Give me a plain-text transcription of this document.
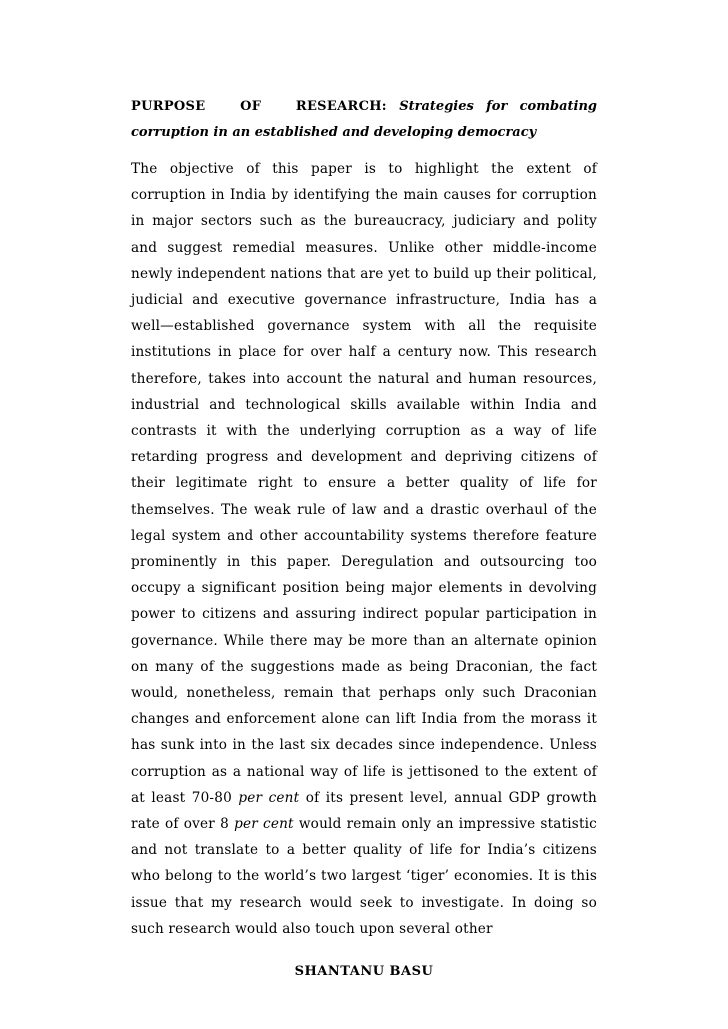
PURPOSE OF RESEARCH: Strategies for combating corruption in an established and developing democracy

The objective of this paper is to highlight the extent of corruption in India by identifying the main causes for corruption in major sectors such as the bureaucracy, judiciary and polity and suggest remedial measures. Unlike other middle-income newly independent nations that are yet to build up their political, judicial and executive governance infrastructure, India has a well—established governance system with all the requisite institutions in place for over half a century now. This research therefore, takes into account the natural and human resources, industrial and technological skills available within India and contrasts it with the underlying corruption as a way of life retarding progress and development and depriving citizens of their legitimate right to ensure a better quality of life for themselves. The weak rule of law and a drastic overhaul of the legal system and other accountability systems therefore feature prominently in this paper. Deregulation and outsourcing too occupy a significant position being major elements in devolving power to citizens and assuring indirect popular participation in governance. While there may be more than an alternate opinion on many of the suggestions made as being Draconian, the fact would, nonetheless, remain that perhaps only such Draconian changes and enforcement alone can lift India from the morass it has sunk into in the last six decades since independence. Unless corruption as a national way of life is jettisoned to the extent of at least 70-80 per cent of its present level, annual GDP growth rate of over 8 per cent would remain only an impressive statistic and not translate to a better quality of life for India’s citizens who belong to the world’s two largest ‘tiger’ economies. It is this issue that my research would seek to investigate. In doing so such research would also touch upon several other

SHANTANU BASU
